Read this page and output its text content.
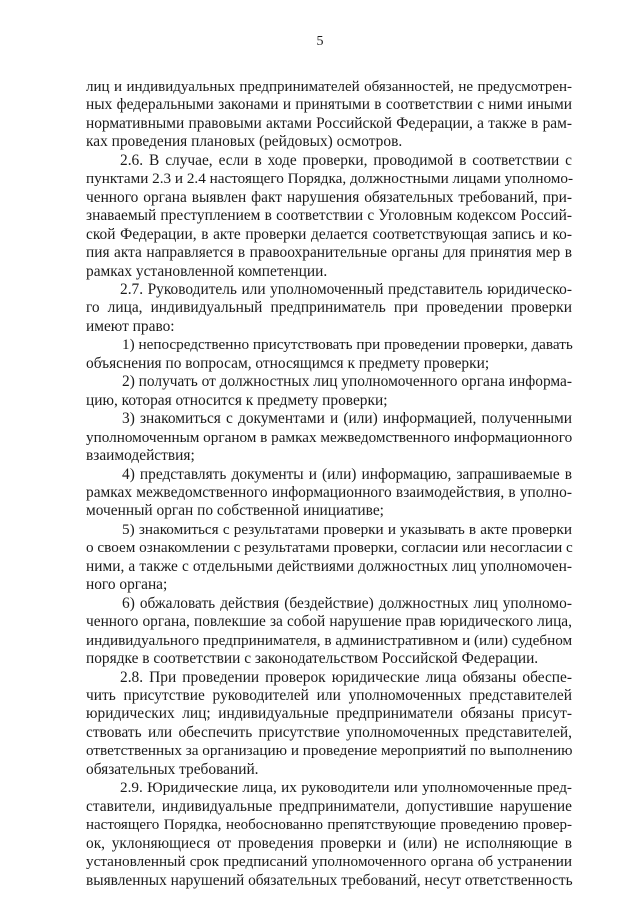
5
лиц и индивидуальных предпринимателей обязанностей, не предусмотрен-
ных федеральными законами и принятыми в соответствии с ними иными
нормативными правовыми актами Российской Федерации, а также в рам-
ках проведения плановых (рейдовых) осмотров.
2.6. В случае, если в ходе проверки, проводимой в соответствии с
пунктами 2.3 и 2.4 настоящего Порядка, должностными лицами уполномо-
ченного органа выявлен факт нарушения обязательных требований, при-
знаваемый преступлением в соответствии с Уголовным кодексом Россий-
ской Федерации, в акте проверки делается соответствующая запись и ко-
пия акта направляется в правоохранительные органы для принятия мер в
рамках установленной компетенции.
2.7. Руководитель или уполномоченный представитель юридическо-
го лица, индивидуальный предприниматель при проведении проверки
имеют право:
1) непосредственно присутствовать при проведении проверки, давать
объяснения по вопросам, относящимся к предмету проверки;
2) получать от должностных лиц уполномоченного органа информа-
цию, которая относится к предмету проверки;
3) знакомиться с документами и (или) информацией, полученными
уполномоченным органом в рамках межведомственного информационного
взаимодействия;
4) представлять документы и (или) информацию, запрашиваемые в
рамках межведомственного информационного взаимодействия, в уполно-
моченный орган по собственной инициативе;
5) знакомиться с результатами проверки и указывать в акте проверки
о своем ознакомлении с результатами проверки, согласии или несогласии с
ними, а также с отдельными действиями должностных лиц уполномочен-
ного органа;
6) обжаловать действия (бездействие) должностных лиц уполномо-
ченного органа, повлекшие за собой нарушение прав юридического лица,
индивидуального предпринимателя, в административном и (или) судебном
порядке в соответствии с законодательством Российской Федерации.
2.8. При проведении проверок юридические лица обязаны обеспе-
чить присутствие руководителей или уполномоченных представителей
юридических лиц; индивидуальные предприниматели обязаны присут-
ствовать или обеспечить присутствие уполномоченных представителей,
ответственных за организацию и проведение мероприятий по выполнению
обязательных требований.
2.9. Юридические лица, их руководители или уполномоченные пред-
ставители, индивидуальные предприниматели, допустившие нарушение
настоящего Порядка, необоснованно препятствующие проведению провер-
ок, уклоняющиеся от проведения проверки и (или) не исполняющие в
установленный срок предписаний уполномоченного органа об устранении
выявленных нарушений обязательных требований, несут ответственность
